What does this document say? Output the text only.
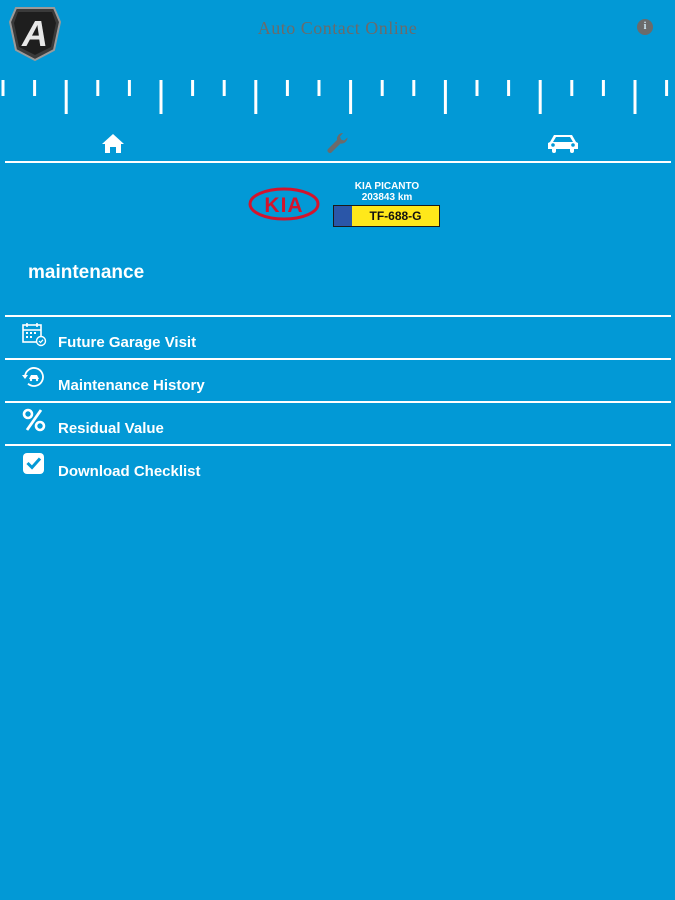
A	Auto Contact Online	i
KIA
KIA PICANTO
203843 km
TF-688-G
maintenance
Future Garage Visit
Maintenance History
Residual Value
Download Checklist
